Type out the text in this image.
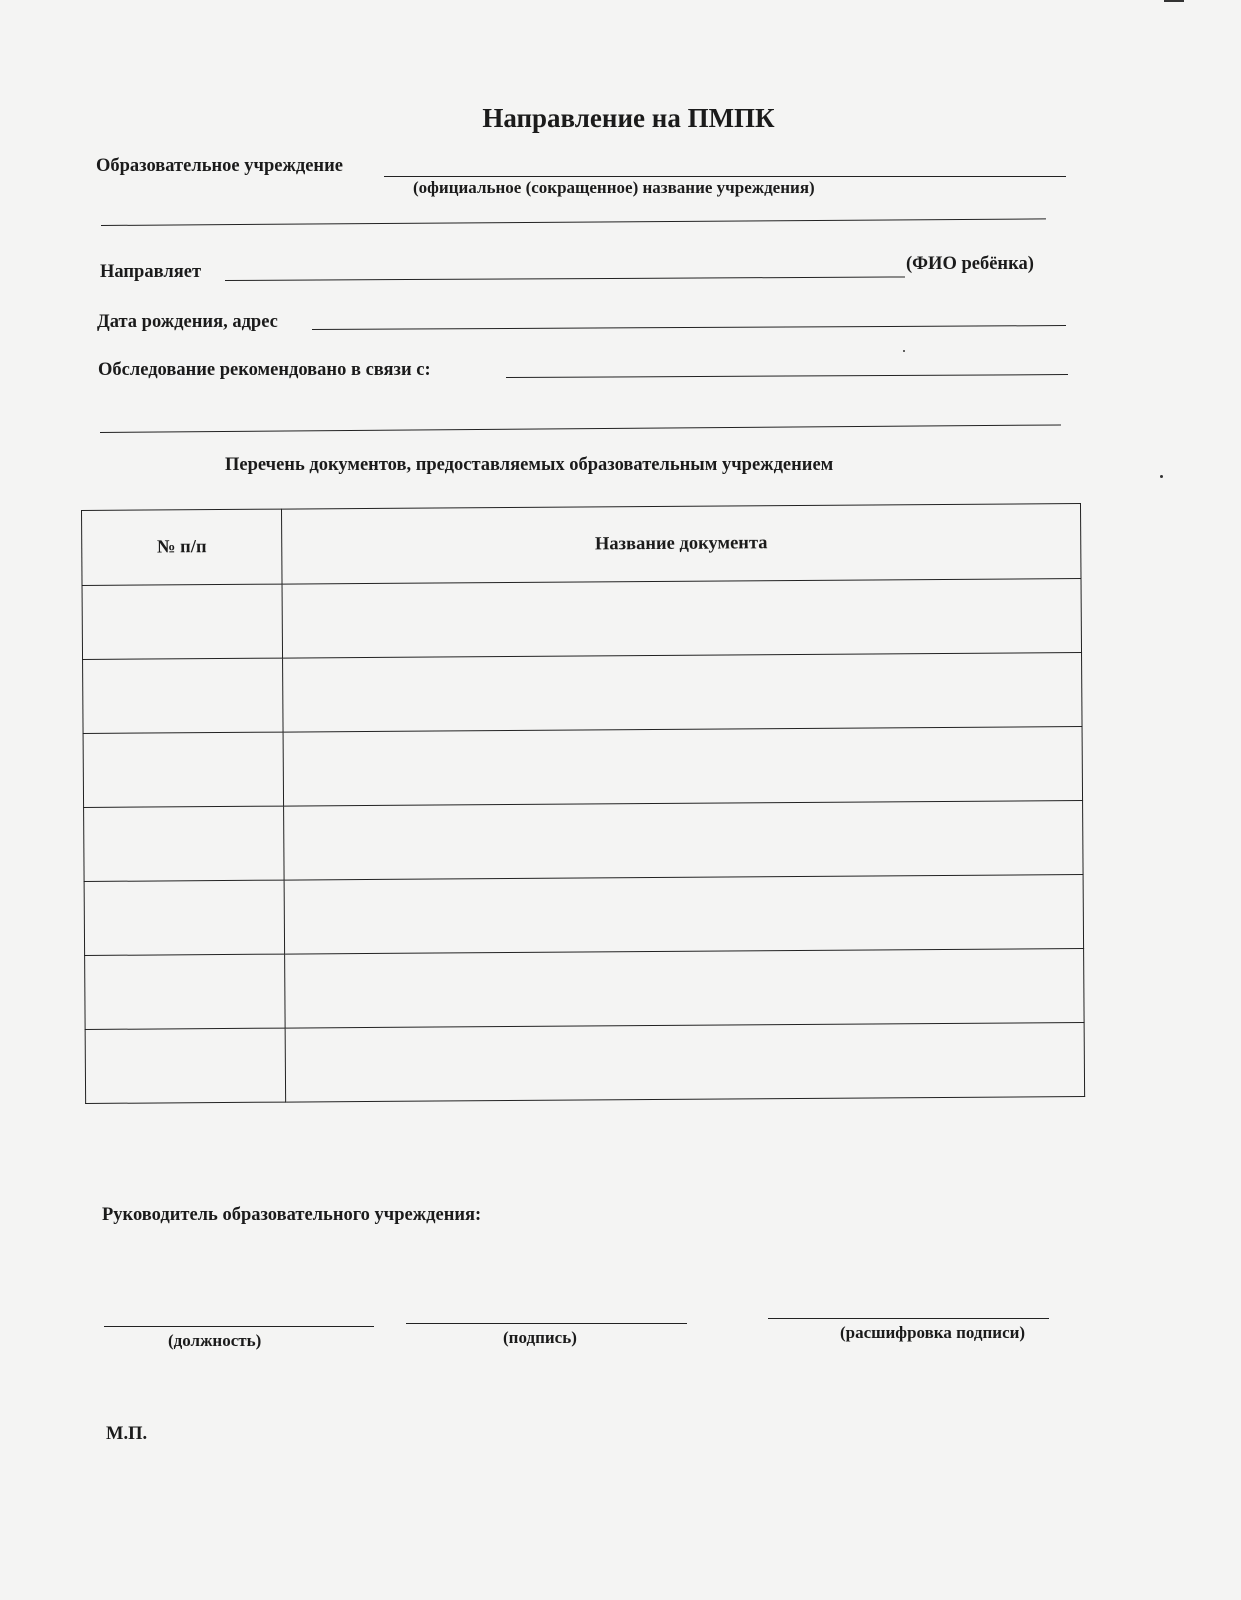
Направление на ПМПК
Образовательное учреждение
(официальное (сокращенное) название учреждения)
Направляет	(ФИО ребёнка)
Дата рождения, адрес
Обследование рекомендовано в связи с:
Перечень документов, предоставляемых образовательным учреждением
№ п/п	Название документа

Руководитель образовательного учреждения:
(должность)	(подпись)	(расшифровка подписи)
М.П.
